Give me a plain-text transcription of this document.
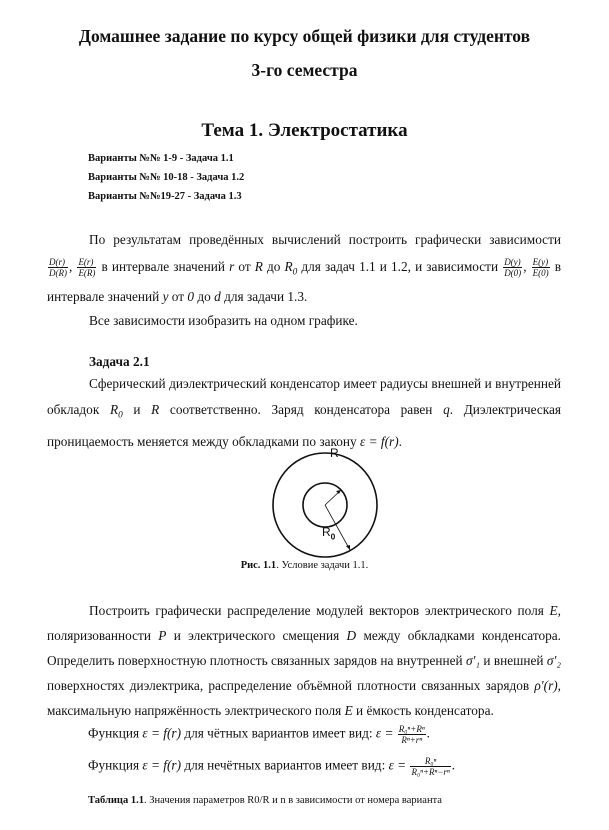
Домашнее задание по курсу общей физики для студентов
3-го семестра
Тема 1. Электростатика
Варианты №№ 1-9 - Задача 1.1
Варианты №№ 10-18 - Задача 1.2
Варианты №№19-27 - Задача 1.3
По результатам проведённых вычислений построить графически зависимости
$\frac{D(r)}{D(R)}$ , $\frac{E(r)}{E(R)}$ в интервале значений r от R до $R_0$ для задач 1.1 и 1.2, и зависимости $\frac{D(y)}{D(0)}$ , $\frac{E(y)}{E(0)}$ в
интервале значений y от 0 до d для задачи 1.3.
Все зависимости изобразить на одном графике.
Задача 2.1
Сферический диэлектрический конденсатор имеет радиусы внешней и внутренней обкладок $R_0$ и R соответственно. Заряд конденсатора равен q. Диэлектрическая проницаемость меняется между обкладками по закону ε = f(r).
R
$R_0$
Рис. 1.1. Условие задачи 1.1.
Построить графически распределение модулей векторов электрического поля E, поляризованности P и электрического смещения D между обкладками конденсатора. Определить поверхностную плотность связанных зарядов на внутренней σ′₁ и внешней σ′₂ поверхностях диэлектрика, распределение объёмной плотности связанных зарядов ρ′(r), максимальную напряжённость электрического поля E и ёмкость конденсатора.
Функция ε = f(r) для чётных вариантов имеет вид: $\varepsilon = \frac{\text{R₀ⁿ+Rⁿ}}{\text{Rⁿ+rⁿ}}$ .
Функция ε = f(r) для нечётных вариантов имеет вид: $\varepsilon = \frac{\text{R₀ⁿ}}{\text{R₀ⁿ+Rⁿ−rⁿ}}$ .
Таблица 1.1. Значения параметров R0/R и n в зависимости от номера варианта
